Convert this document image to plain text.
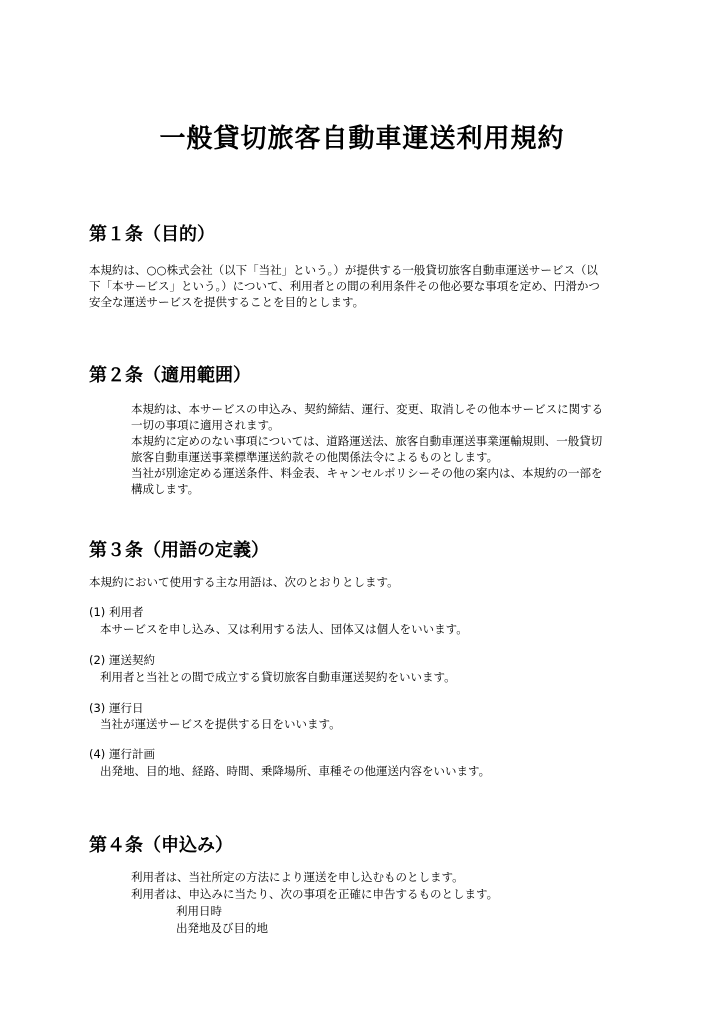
一般貸切旅客自動車運送利用規約
第１条（目的）

本規約は、○○株式会社（以下「当社」という。）が提供する一般貸切旅客自動車運送サービス（以

下「本サービス」という。）について、利用者との間の利用条件その他必要な事項を定め、円滑かつ

安全な運送サービスを提供することを目的とします。

第２条（適用範囲）

本規約は、本サービスの申込み、契約締結、運行、変更、取消しその他本サービスに関する

一切の事項に適用されます。

本規約に定めのない事項については、道路運送法、旅客自動車運送事業運輸規則、一般貸切

旅客自動車運送事業標準運送約款その他関係法令によるものとします。

当社が別途定める運送条件、料金表、キャンセルポリシーその他の案内は、本規約の一部を

構成します。

第３条（用語の定義）

本規約において使用する主な用語は、次のとおりとします。

(1) 利用者

本サービスを申し込み、又は利用する法人、団体又は個人をいいます。

(2) 運送契約

利用者と当社との間で成立する貸切旅客自動車運送契約をいいます。

(3) 運行日

当社が運送サービスを提供する日をいいます。

(4) 運行計画

出発地、目的地、経路、時間、乗降場所、車種その他運送内容をいいます。

第４条（申込み）

利用者は、当社所定の方法により運送を申し込むものとします。

利用者は、申込みに当たり、次の事項を正確に申告するものとします。

利用日時

出発地及び目的地
